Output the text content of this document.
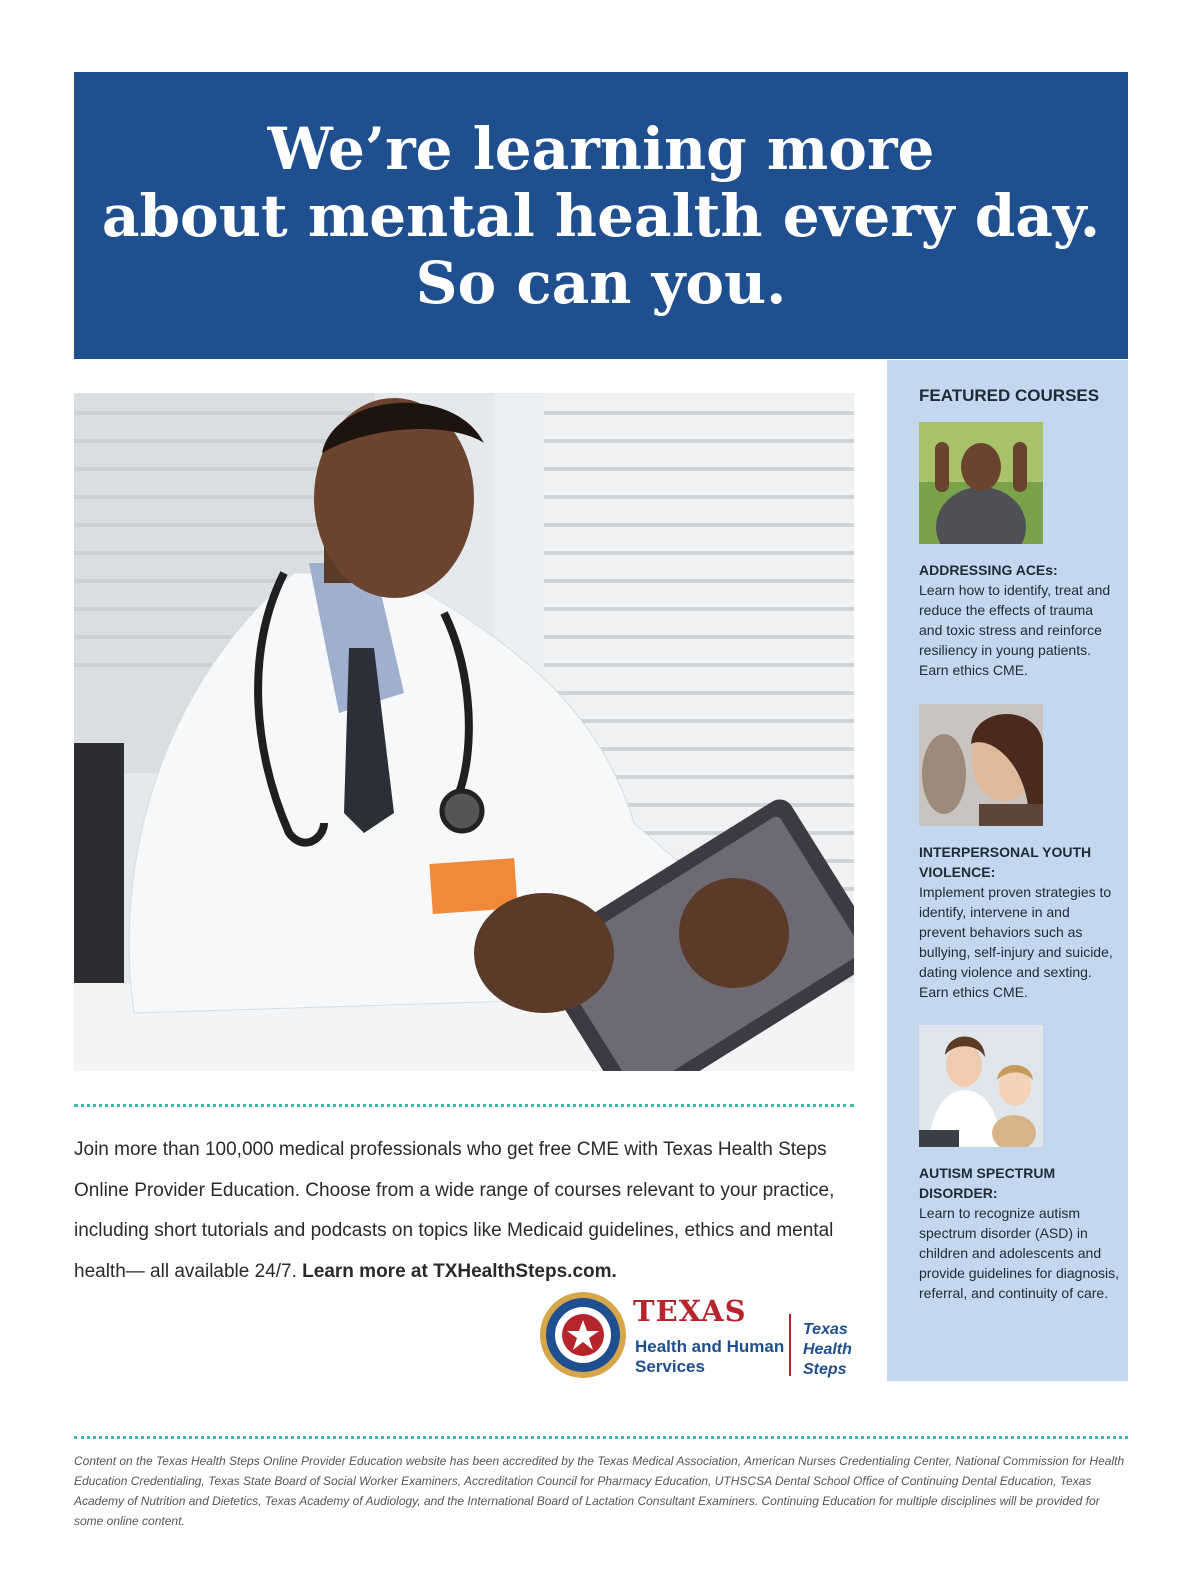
We’re learning more
about mental health every day.
So can you.
Join more than 100,000 medical professionals who get free CME with Texas Health Steps Online Provider Education. Choose from a wide range of courses relevant to your practice, including short tutorials and podcasts on topics like Medicaid guidelines, ethics and mental health— all available 24/7. Learn more at TXHealthSteps.com.
TEXAS
Health and Human Services
Texas Health Steps
FEATURED COURSES
ADDRESSING ACEs:
Learn how to identify, treat and reduce the effects of trauma and toxic stress and reinforce resiliency in young patients. Earn ethics CME.
INTERPERSONAL YOUTH VIOLENCE:
Implement proven strategies to identify, intervene in and prevent behaviors such as bullying, self-injury and suicide, dating violence and sexting. Earn ethics CME.
AUTISM SPECTRUM DISORDER:
Learn to recognize autism spectrum disorder (ASD) in children and adolescents and provide guidelines for diagnosis, referral, and continuity of care.
Content on the Texas Health Steps Online Provider Education website has been accredited by the Texas Medical Association, American Nurses Credentialing Center, National Commission for Health Education Credentialing, Texas State Board of Social Worker Examiners, Accreditation Council for Pharmacy Education, UTHSCSA Dental School Office of Continuing Dental Education, Texas Academy of Nutrition and Dietetics, Texas Academy of Audiology, and the International Board of Lactation Consultant Examiners. Continuing Education for multiple disciplines will be provided for some online content.
